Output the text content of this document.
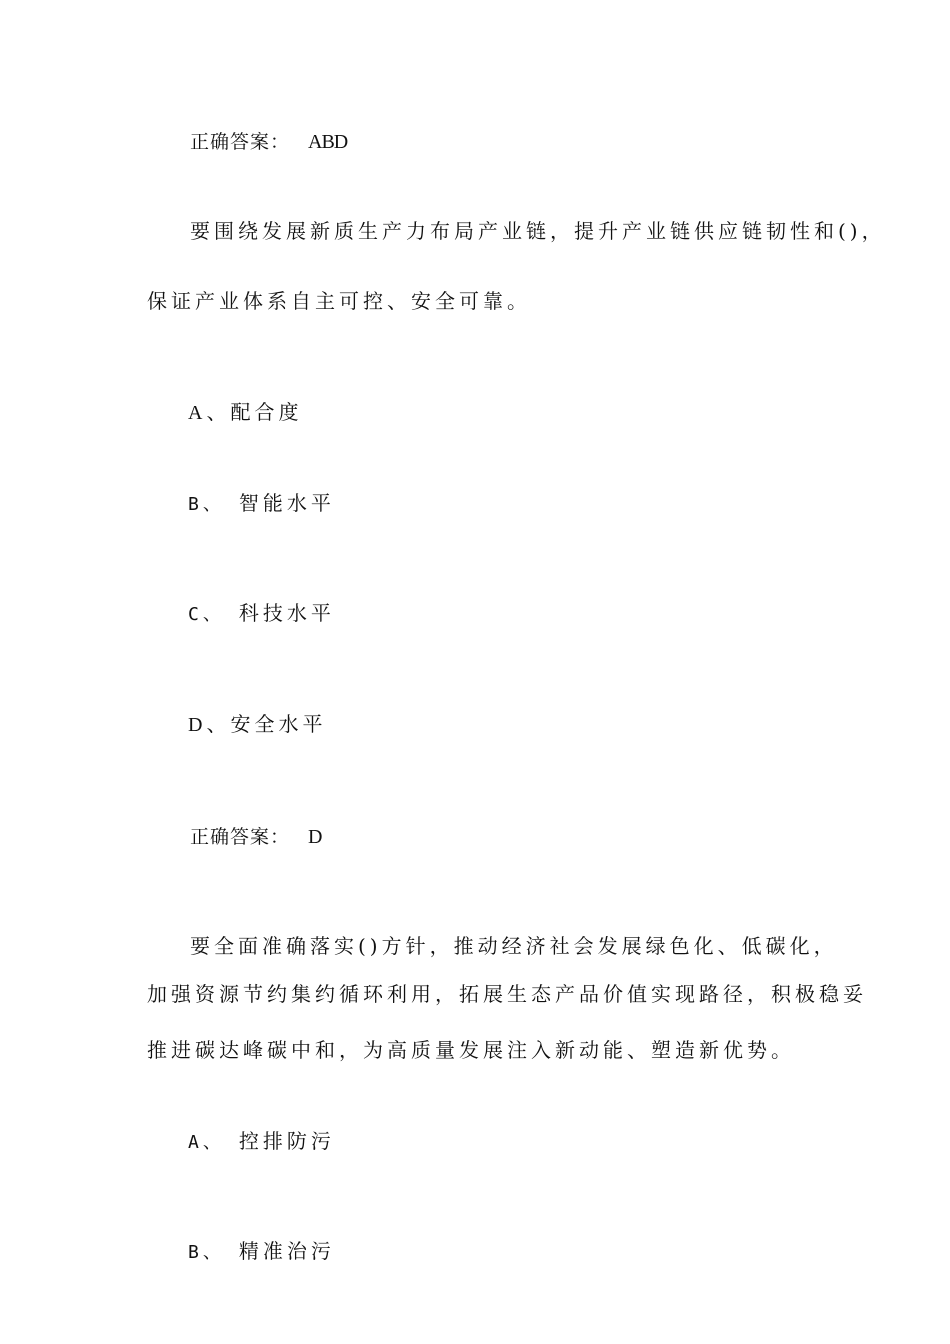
正确答案： ABD
要围绕发展新质生产力布局产业链，提升产业链供应链韧性和()，
保证产业体系自主可控、安全可靠。
A、配合度
B、 智能水平
C、 科技水平
D、安全水平
正确答案： D
要全面准确落实()方针，推动经济社会发展绿色化、低碳化，
加强资源节约集约循环利用，拓展生态产品价值实现路径，积极稳妥
推进碳达峰碳中和，为高质量发展注入新动能、塑造新优势。
A、 控排防污
B、 精准治污
